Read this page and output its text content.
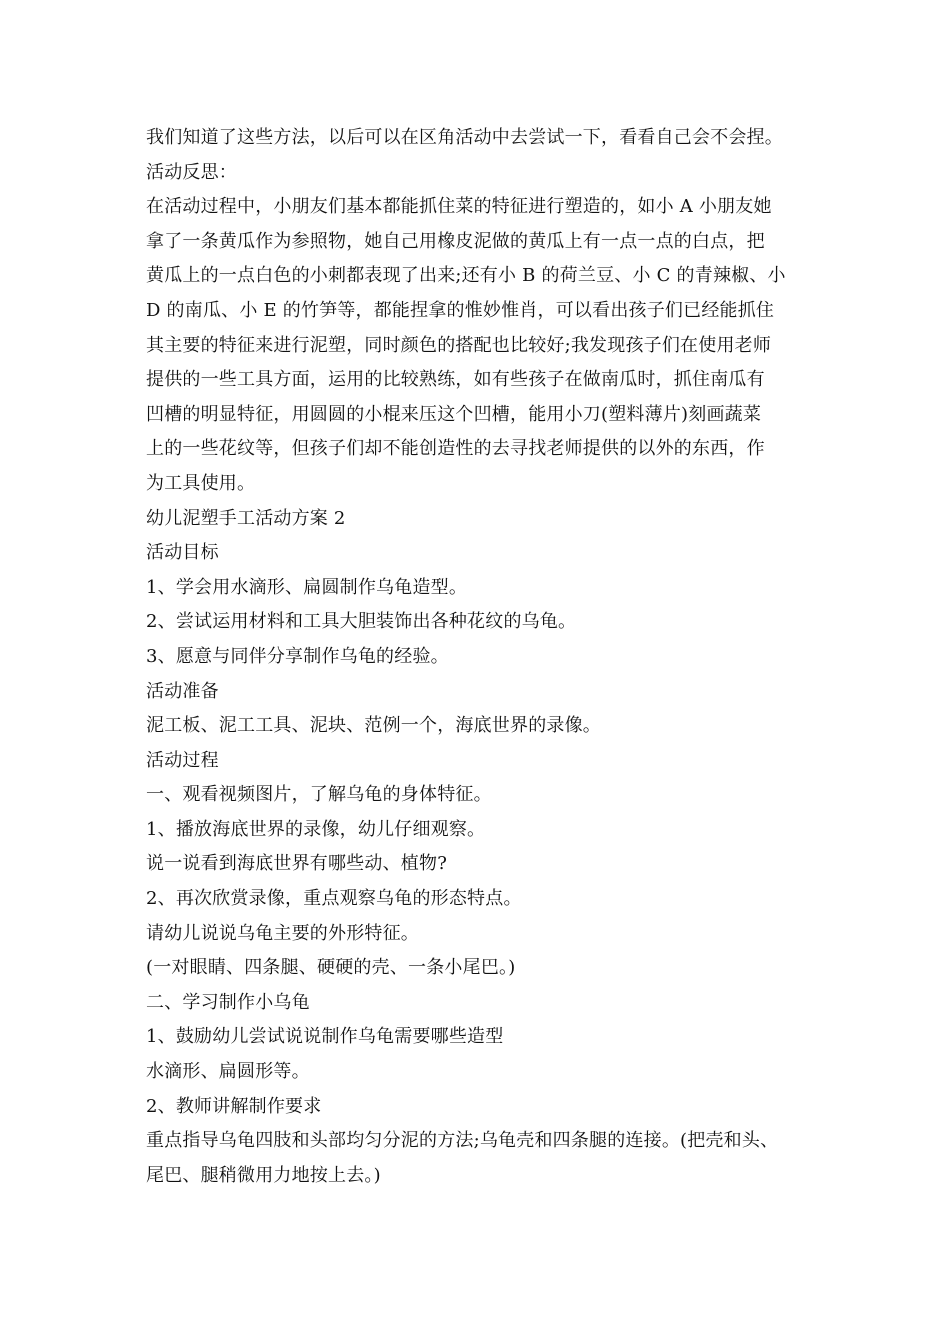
我们知道了这些方法，以后可以在区角活动中去尝试一下，看看自己会不会捏。
活动反思：
在活动过程中，小朋友们基本都能抓住菜的特征进行塑造的，如小 A 小朋友她
拿了一条黄瓜作为参照物，她自己用橡皮泥做的黄瓜上有一点一点的白点，把
黄瓜上的一点白色的小刺都表现了出来;还有小 B 的荷兰豆、小 C 的青辣椒、小
D 的南瓜、小 E 的竹笋等，都能捏拿的惟妙惟肖，可以看出孩子们已经能抓住
其主要的特征来进行泥塑，同时颜色的搭配也比较好;我发现孩子们在使用老师
提供的一些工具方面，运用的比较熟练，如有些孩子在做南瓜时，抓住南瓜有
凹槽的明显特征，用圆圆的小棍来压这个凹槽，能用小刀(塑料薄片)刻画蔬菜
上的一些花纹等，但孩子们却不能创造性的去寻找老师提供的以外的东西，作
为工具使用。
幼儿泥塑手工活动方案 2
活动目标
1、学会用水滴形、扁圆制作乌龟造型。
2、尝试运用材料和工具大胆装饰出各种花纹的乌龟。
3、愿意与同伴分享制作乌龟的经验。
活动准备
泥工板、泥工工具、泥块、范例一个，海底世界的录像。
活动过程
一、观看视频图片，了解乌龟的身体特征。
1、播放海底世界的录像，幼儿仔细观察。
说一说看到海底世界有哪些动、植物?
2、再次欣赏录像，重点观察乌龟的形态特点。
请幼儿说说乌龟主要的外形特征。
(一对眼睛、四条腿、硬硬的壳、一条小尾巴。)
二、学习制作小乌龟
1、鼓励幼儿尝试说说制作乌龟需要哪些造型
水滴形、扁圆形等。
2、教师讲解制作要求
重点指导乌龟四肢和头部均匀分泥的方法;乌龟壳和四条腿的连接。(把壳和头、
尾巴、腿稍微用力地按上去。)
